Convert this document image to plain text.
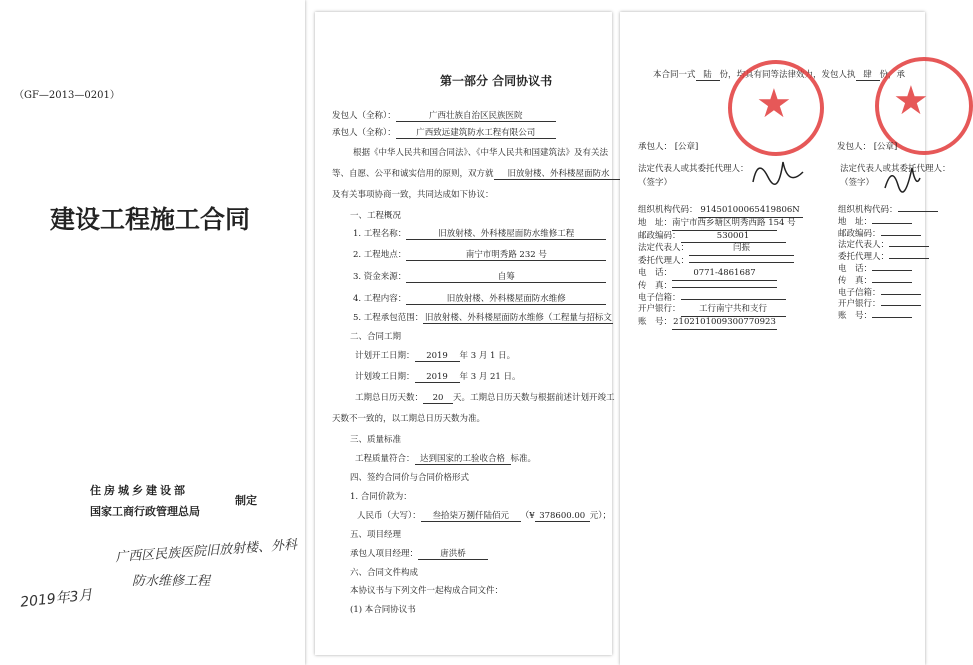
（GF—2013—0201）
建设工程施工合同
住房城乡建设部
制定
国家工商行政管理总局
广西区民族医院旧放射楼、外科
防水维修工程
2019年3月
第一部分 合同协议书
发包人（全称）：	广西壮族自治区民族医院
承包人（全称）： 广西致远建筑防水工程有限公司
根据《中华人民共和国合同法》、《中华人民共和国建筑法》及有关法
等、自愿、公平和诚实信用的原则，双方就 旧放射楼、外科楼屋面防水
及有关事项协商一致，共同达成如下协议：
一、工程概况
1. 工程名称：	旧放射楼、外科楼屋面防水维修工程
2. 工程地点：	南宁市明秀路 232 号
3. 资金来源：	自筹
4. 工程内容：	旧放射楼、外科楼屋面防水维修
5. 工程承包范围：旧放射楼、外科楼屋面防水维修（工程量与招标文
二、合同工期
计划开工日期： 2019 年 3 月 1 日。
计划竣工日期： 2019 年 3 月 21 日。
工期总日历天数： 20 天。工期总日历天数与根据前述计划开竣工
天数不一致的，以工期总日历天数为准。
三、质量标准
工程质量符合： 达到国家的工验收合格 标准。
四、签约合同价与合同价格形式
1. 合同价款为：
人民币（大写）： 叁拾柒万捌仟陆佰元 （¥ 378600.00 元）；
五、项目经理
承包人项目经理：	唐洪桥
六、合同文件构成
本协议书与下列文件一起构成合同文件：
(1) 本合同协议书
本合同一式 陆 份，均具有同等法律效力，发包人执 肆 份，承
★	★
承包人： [公章]	发包人： [公章]
法定代表人或其委托代理人：
（签字）
法定代表人或其委托代理人：
（签字）
组织机构代码： 91450100065419806N
地　址：南宁市西乡塘区明秀西路 154 号
邮政编码：	530001
法定代表人：	闫振
委托代理人：
电　话：	0771-4861687
传　真：
电子信箱：
开户银行： 工行南宁共和支行
账　号：2102101009300770923
组织机构代码：
地　址：
邮政编码：
法定代表人：
委托代理人：
电　话：
传　真：
电子信箱：
开户银行：
账　号：
